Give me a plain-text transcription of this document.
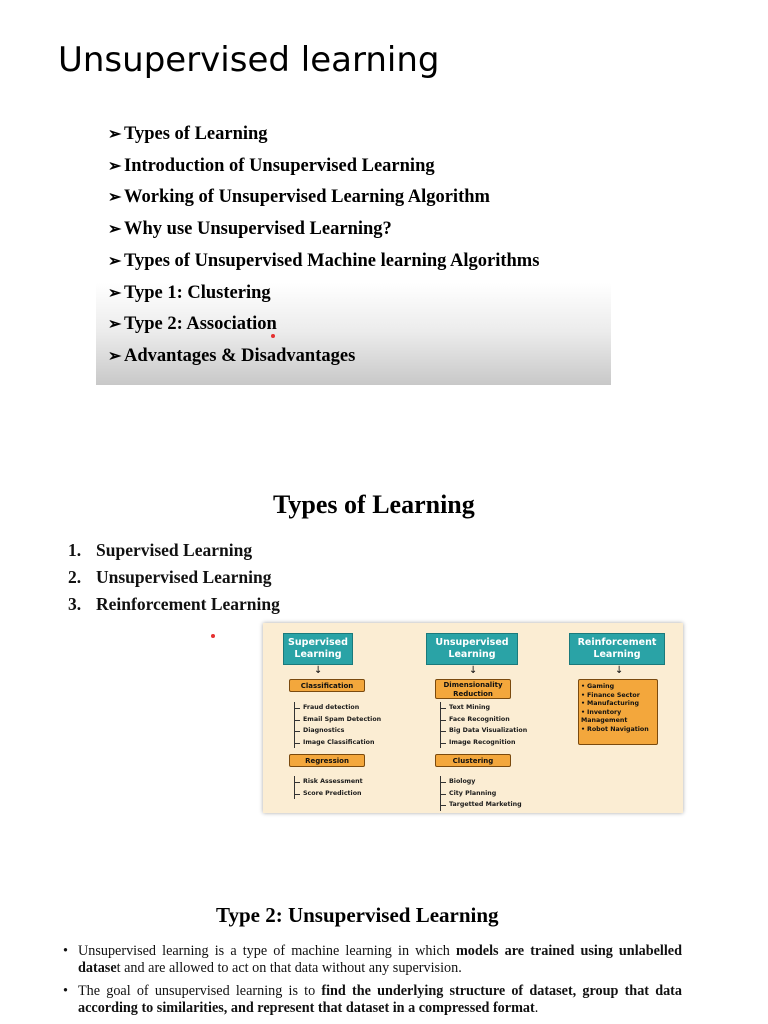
Unsupervised learning
➢ Types of Learning
➢ Introduction of Unsupervised Learning
➢ Working of Unsupervised Learning Algorithm
➢ Why use Unsupervised Learning?
➢ Types of Unsupervised Machine learning Algorithms
➢ Type 1: Clustering
➢ Type 2: Association
➢ Advantages & Disadvantages
Types of Learning
1. Supervised Learning
2. Unsupervised Learning
3. Reinforcement Learning
Supervised Learning
↓
Classification
Fraud detection
Email Spam Detection
Diagnostics
Image Classification
Regression
Risk Assessment
Score Prediction
Unsupervised Learning
↓
Dimensionality Reduction
Text Mining
Face Recognition
Big Data Visualization
Image Recognition
Clustering
Biology
City Planning
Targetted Marketing
Reinforcement Learning
↓
• Gaming
• Finance Sector
• Manufacturing
• Inventory Management
• Robot Navigation
Type 2: Unsupervised Learning
• Unsupervised learning is a type of machine learning in which models are trained using unlabelled dataset and are allowed to act on that data without any supervision.
• The goal of unsupervised learning is to find the underlying structure of dataset, group that data according to similarities, and represent that dataset in a compressed format.
